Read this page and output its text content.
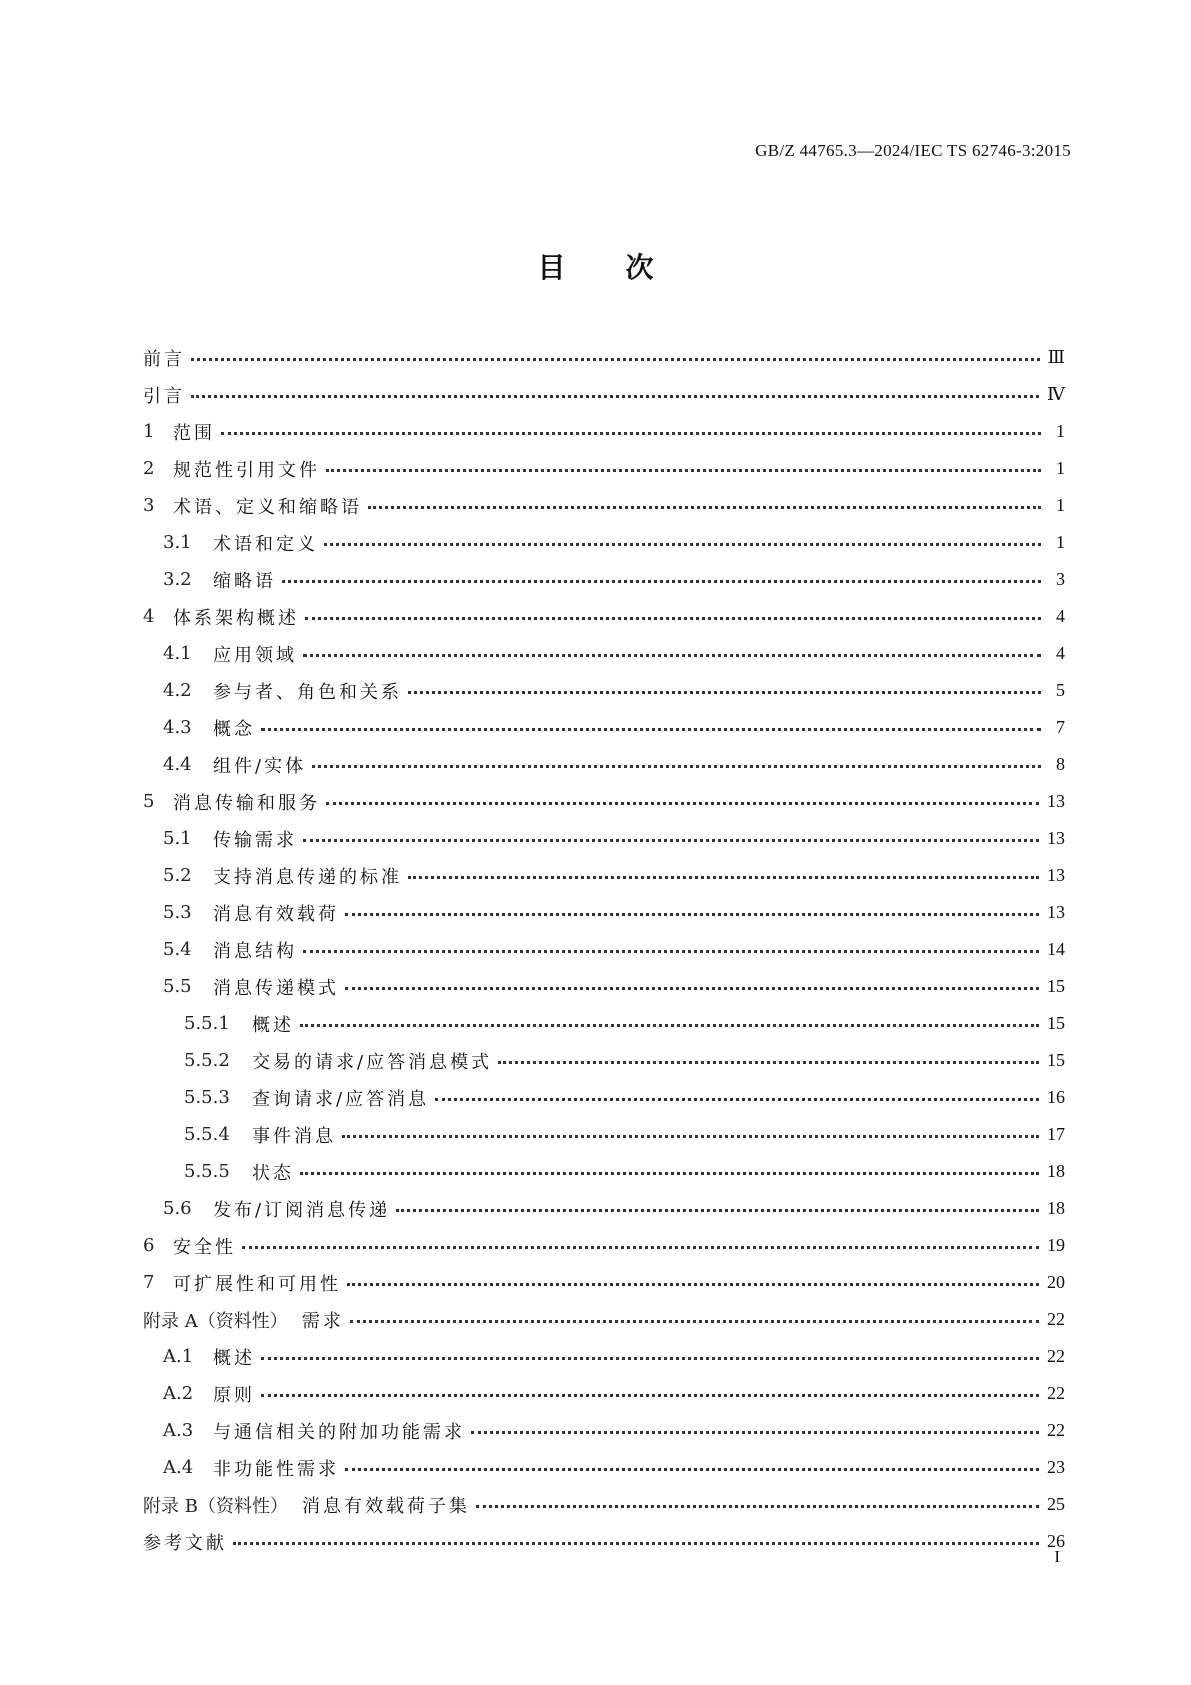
GB/Z 44765.3—2024/IEC TS 62746-3:2015
目次
前言	Ⅲ
引言	Ⅳ
1	范围	1
2	规范性引用文件	1
3	术语、定义和缩略语	1
3.1	术语和定义	1
3.2	缩略语	3
4	体系架构概述	4
4.1	应用领域	4
4.2	参与者、角色和关系	5
4.3	概念	7
4.4	组件/实体	8
5	消息传输和服务	13
5.1	传输需求	13
5.2	支持消息传递的标准	13
5.3	消息有效载荷	13
5.4	消息结构	14
5.5	消息传递模式	15
5.5.1	概述	15
5.5.2	交易的请求/应答消息模式	15
5.5.3	查询请求/应答消息	16
5.5.4	事件消息	17
5.5.5	状态	18
5.6	发布/订阅消息传递	18
6	安全性	19
7	可扩展性和可用性	20
附录 A（资料性） 需求	22
A.1	概述	22
A.2	原则	22
A.3	与通信相关的附加功能需求	22
A.4	非功能性需求	23
附录 B（资料性） 消息有效载荷子集	25
参考文献	26
I
